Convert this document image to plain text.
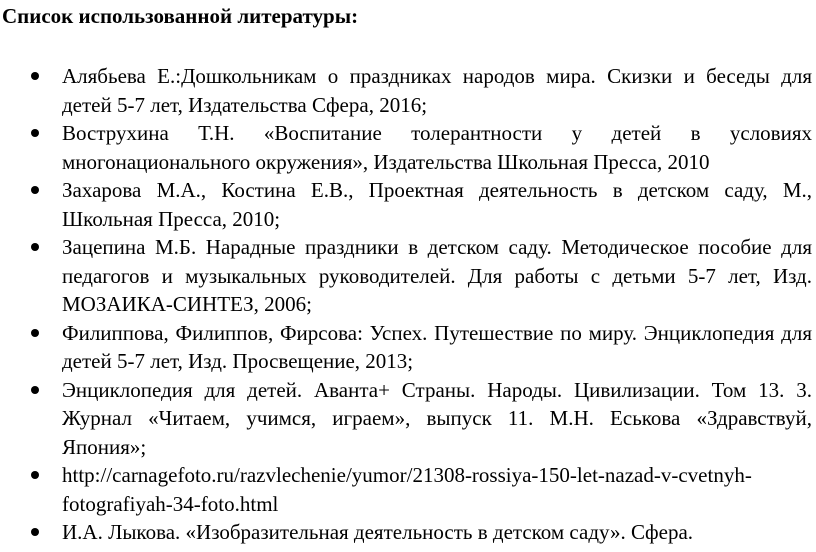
Список использованной литературы:
Алябьева Е.:Дошкольникам о праздниках народов мира. Скизки и беседы для детей 5-7 лет, Издательства Сфера, 2016;
Вострухина Т.Н. «Воспитание толерантности у детей в условиях многонационального окружения», Издательства Школьная Пресса, 2010
Захарова М.А., Костина Е.В., Проектная деятельность в детском саду, М., Школьная Пресса, 2010;
Зацепина М.Б. Нарадные праздники в детском саду. Методическое пособие для педагогов и музыкальных руководителей. Для работы с детьми 5-7 лет, Изд. МОЗАИКА-СИНТЕЗ, 2006;
Филиппова, Филиппов, Фирсова: Успех. Путешествие по миру. Энциклопедия для детей 5-7 лет, Изд. Просвещение, 2013;
Энциклопедия для детей. Аванта+ Страны. Народы. Цивилизации. Том 13. 3. Журнал «Читаем, учимся, играем», выпуск 11. М.Н. Еськова «Здравствуй, Япония»;
http://carnagefoto.ru/razvlechenie/yumor/21308-rossiya-150-let-nazad-v-cvetnyh-fotografiyah-34-foto.html
И.А. Лыкова. «Изобразительная деятельность в детском саду». Сфера.
